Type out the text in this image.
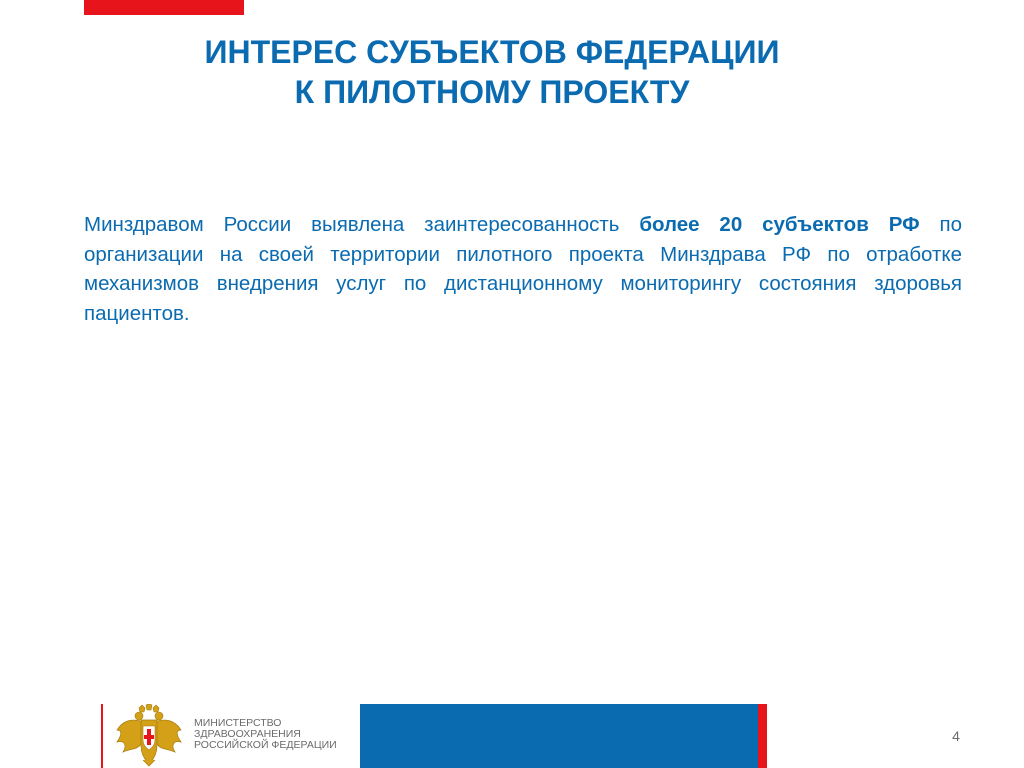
ИНТЕРЕС СУБЪЕКТОВ ФЕДЕРАЦИИ
К ПИЛОТНОМУ ПРОЕКТУ

Минздравом России выявлена заинтересованность более 20 субъектов РФ по организации на своей территории пилотного проекта Минздрава РФ по отработке механизмов внедрения услуг по дистанционному мониторингу состояния здоровья пациентов.

МИНИСТЕРСТВО
ЗДРАВООХРАНЕНИЯ
РОССИЙСКОЙ ФЕДЕРАЦИИ
4
